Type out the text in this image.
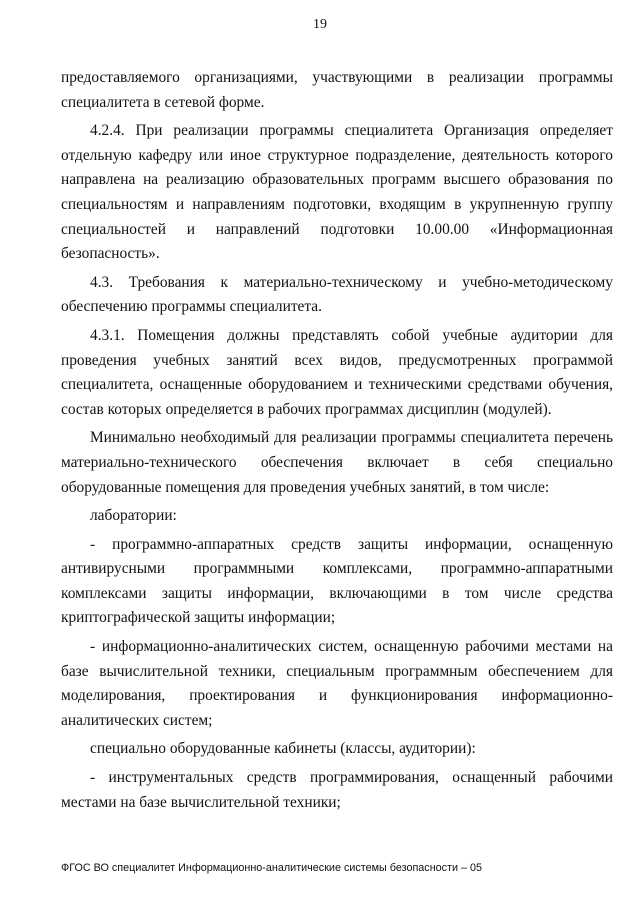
19

предоставляемого организациями, участвующими в реализации программы специалитета в сетевой форме.

4.2.4. При реализации программы специалитета Организация определяет отдельную кафедру или иное структурное подразделение, деятельность которого направлена на реализацию образовательных программ высшего образования по специальностям и направлениям подготовки, входящим в укрупненную группу специальностей и направлений подготовки 10.00.00 «Информационная безопасность».

4.3. Требования к материально-техническому и учебно-методическому обеспечению программы специалитета.

4.3.1. Помещения должны представлять собой учебные аудитории для проведения учебных занятий всех видов, предусмотренных программой специалитета, оснащенные оборудованием и техническими средствами обучения, состав которых определяется в рабочих программах дисциплин (модулей).

Минимально необходимый для реализации программы специалитета перечень материально-технического обеспечения включает в себя специально оборудованные помещения для проведения учебных занятий, в том числе:

лаборатории:

- программно-аппаратных средств защиты информации, оснащенную антивирусными программными комплексами, программно-аппаратными комплексами защиты информации, включающими в том числе средства криптографической защиты информации;

- информационно-аналитических систем, оснащенную рабочими местами на базе вычислительной техники, специальным программным обеспечением для моделирования, проектирования и функционирования информационно-аналитических систем;

специально оборудованные кабинеты (классы, аудитории):

- инструментальных средств программирования, оснащенный рабочими местами на базе вычислительной техники;

ФГОС ВО специалитет Информационно-аналитические системы безопасности – 05
